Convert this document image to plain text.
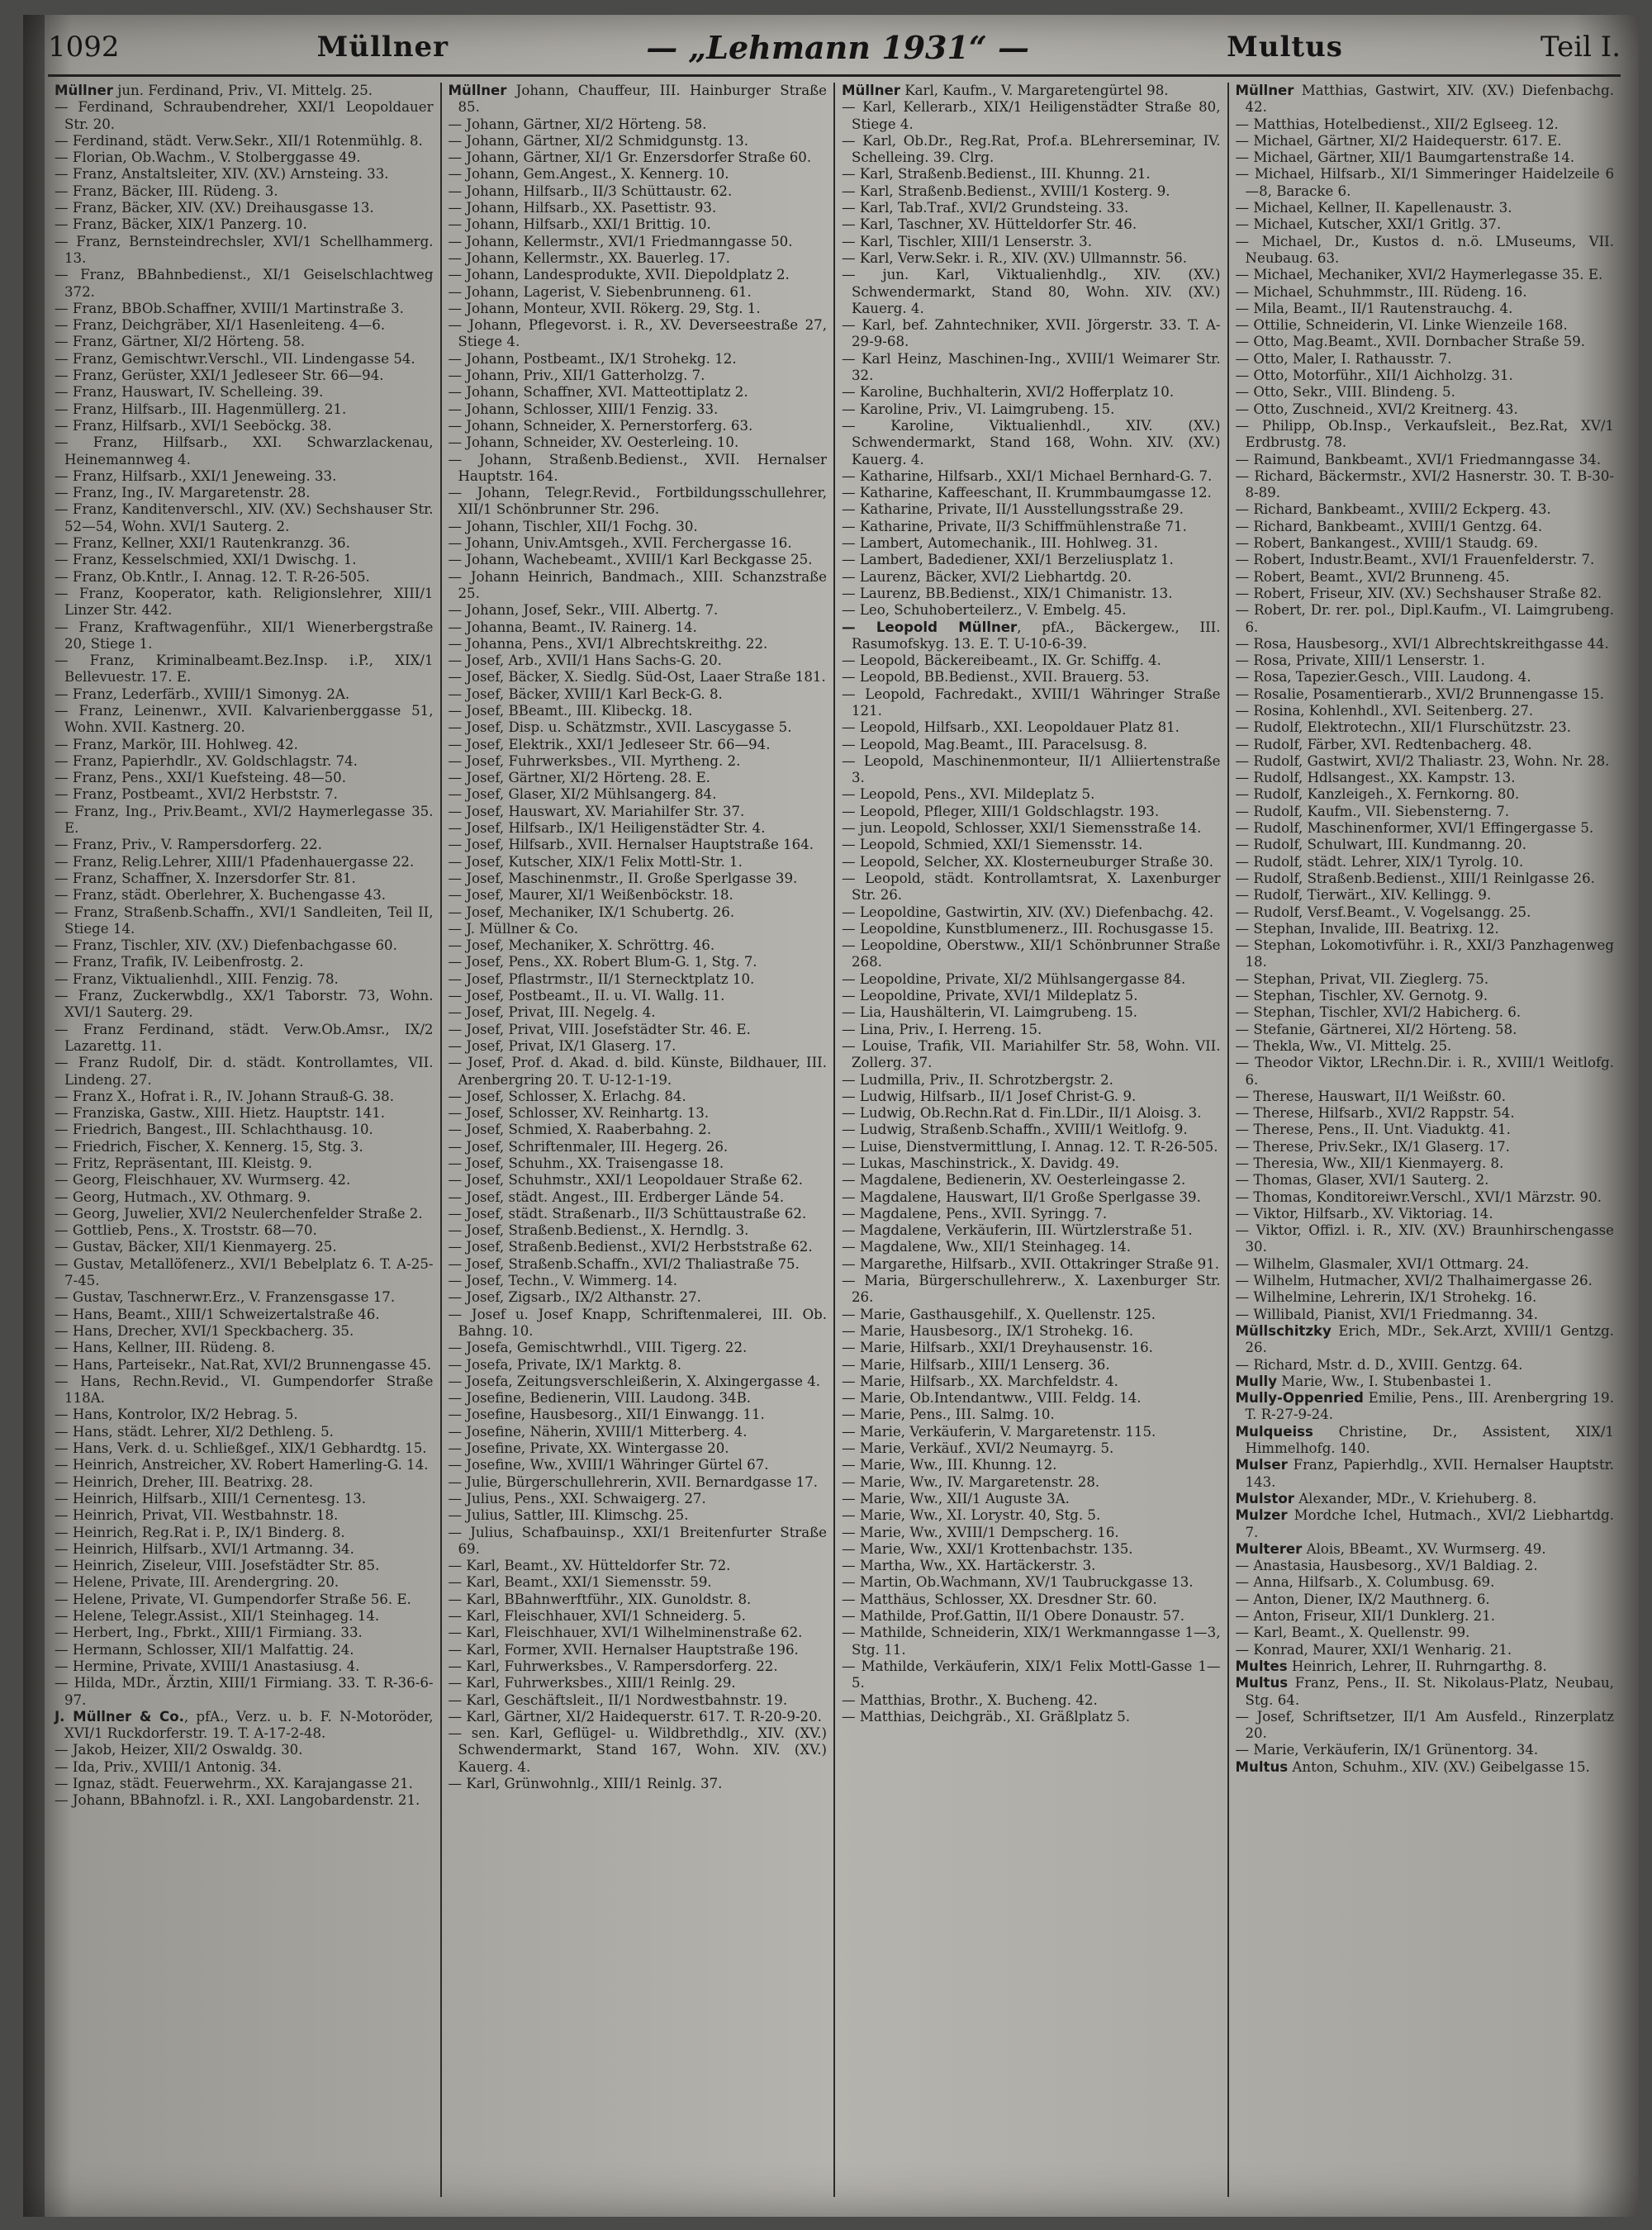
1092	Müllner	— „Lehmann 1931“ —	Multus	Teil I.

Müllner jun. Ferdinand, Priv., VI. Mittelg. 25.

— Ferdinand, Schraubendreher, XXI/1 Leopoldauer Str. 20.

— Ferdinand, städt. Verw.Sekr., XII/1 Rotenmühlg. 8.

— Florian, Ob.Wachm., V. Stolberggasse 49.

— Franz, Anstaltsleiter, XIV. (XV.) Arnsteing. 33.

— Franz, Bäcker, III. Rüdeng. 3.

— Franz, Bäcker, XIV. (XV.) Dreihausgasse 13.

— Franz, Bäcker, XIX/1 Panzerg. 10.

— Franz, Bernsteindrechsler, XVI/1 Schellhammerg. 13.

— Franz, BBahnbedienst., XI/1 Geiselschlachtweg 372.

— Franz, BBOb.Schaffner, XVIII/1 Martinstraße 3.

— Franz, Deichgräber, XI/1 Hasenleiteng. 4—6.

— Franz, Gärtner, XI/2 Hörteng. 58.

— Franz, Gemischtwr.Verschl., VII. Lindengasse 54.

— Franz, Gerüster, XXI/1 Jedleseer Str. 66—94.

— Franz, Hauswart, IV. Schelleing. 39.

— Franz, Hilfsarb., III. Hagenmüllerg. 21.

— Franz, Hilfsarb., XVI/1 Seeböckg. 38.

— Franz, Hilfsarb., XXI. Schwarzlackenau, Heinemannweg 4.

— Franz, Hilfsarb., XXI/1 Jeneweing. 33.

— Franz, Ing., IV. Margaretenstr. 28.

— Franz, Kanditenverschl., XIV. (XV.) Sechshauser Str. 52—54, Wohn. XVI/1 Sauterg. 2.

— Franz, Kellner, XXI/1 Rautenkranzg. 36.

— Franz, Kesselschmied, XXI/1 Dwischg. 1.

— Franz, Ob.Kntlr., I. Annag. 12. T. R-26-505.

— Franz, Kooperator, kath. Religionslehrer, XIII/1 Linzer Str. 442.

— Franz, Kraftwagenführ., XII/1 Wienerbergstraße 20, Stiege 1.

— Franz, Kriminalbeamt.Bez.Insp. i.P., XIX/1 Bellevuestr. 17. E.

— Franz, Lederfärb., XVIII/1 Simonyg. 2A.

— Franz, Leinenwr., XVII. Kalvarienberggasse 51, Wohn. XVII. Kastnerg. 20.

— Franz, Markör, III. Hohlweg. 42.

— Franz, Papierhdlr., XV. Goldschlagstr. 74.

— Franz, Pens., XXI/1 Kuefsteing. 48—50.

— Franz, Postbeamt., XVI/2 Herbststr. 7.

— Franz, Ing., Priv.Beamt., XVI/2 Haymerlegasse 35. E.

— Franz, Priv., V. Rampersdorferg. 22.

— Franz, Relig.Lehrer, XIII/1 Pfadenhauergasse 22.

— Franz, Schaffner, X. Inzersdorfer Str. 81.

— Franz, städt. Oberlehrer, X. Buchengasse 43.

— Franz, Straßenb.Schaffn., XVI/1 Sandleiten, Teil II, Stiege 14.

— Franz, Tischler, XIV. (XV.) Diefenbachgasse 60.

— Franz, Trafik, IV. Leibenfrostg. 2.

— Franz, Viktualienhdl., XIII. Fenzig. 78.

— Franz, Zuckerwbdlg., XX/1 Taborstr. 73, Wohn. XVI/1 Sauterg. 29.

— Franz Ferdinand, städt. Verw.Ob.Amsr., IX/2 Lazarettg. 11.

— Franz Rudolf, Dir. d. städt. Kontrollamtes, VII. Lindeng. 27.

— Franz X., Hofrat i. R., IV. Johann Strauß-G. 38.

— Franziska, Gastw., XIII. Hietz. Hauptstr. 141.

— Friedrich, Bangest., III. Schlachthausg. 10.

— Friedrich, Fischer, X. Kennerg. 15, Stg. 3.

— Fritz, Repräsentant, III. Kleistg. 9.

— Georg, Fleischhauer, XV. Wurmserg. 42.

— Georg, Hutmach., XV. Othmarg. 9.

— Georg, Juwelier, XVI/2 Neulerchenfelder Straße 2.

— Gottlieb, Pens., X. Troststr. 68—70.

— Gustav, Bäcker, XII/1 Kienmayerg. 25.

— Gustav, Metallöfenerz., XVI/1 Bebelplatz 6. T. A-25-7-45.

— Gustav, Taschnerwr.Erz., V. Franzensgasse 17.

— Hans, Beamt., XIII/1 Schweizertalstraße 46.

— Hans, Drecher, XVI/1 Speckbacherg. 35.

— Hans, Kellner, III. Rüdeng. 8.

— Hans, Parteisekr., Nat.Rat, XVI/2 Brunnengasse 45.

— Hans, Rechn.Revid., VI. Gumpendorfer Straße 118A.

— Hans, Kontrolor, IX/2 Hebrag. 5.

— Hans, städt. Lehrer, XI/2 Dethleng. 5.

— Hans, Verk. d. u. Schließgef., XIX/1 Gebhardtg. 15.

— Heinrich, Anstreicher, XV. Robert Hamerling-G. 14.

— Heinrich, Dreher, III. Beatrixg. 28.

— Heinrich, Hilfsarb., XIII/1 Cernentesg. 13.

— Heinrich, Privat, VII. Westbahnstr. 18.

— Heinrich, Reg.Rat i. P., IX/1 Binderg. 8.

— Heinrich, Hilfsarb., XVI/1 Artmanng. 34.

— Heinrich, Ziseleur, VIII. Josefstädter Str. 85.

— Helene, Private, III. Arendergring. 20.

— Helene, Private, VI. Gumpendorfer Straße 56. E.

— Helene, Telegr.Assist., XII/1 Steinhageg. 14.

— Herbert, Ing., Fbrkt., XIII/1 Firmiang. 33.

— Hermann, Schlosser, XII/1 Malfattig. 24.

— Hermine, Private, XVIII/1 Anastasiusg. 4.

— Hilda, MDr., Ärztin, XIII/1 Firmiang. 33. T. R-36-6-97.

J. Müllner & Co., pfA., Verz. u. b. F. N-Motoröder, XVI/1 Ruckdorferstr. 19. T. A-17-2-48.

— Jakob, Heizer, XII/2 Oswaldg. 30.

— Ida, Priv., XVIII/1 Antonig. 34.

— Ignaz, städt. Feuerwehrm., XX. Karajangasse 21.

— Johann, BBahnofzl. i. R., XXI. Langobardenstr. 21.

Müllner Johann, Chauffeur, III. Hainburger Straße 85.

— Johann, Gärtner, XI/2 Hörteng. 58.

— Johann, Gärtner, XI/2 Schmidgunstg. 13.

— Johann, Gärtner, XI/1 Gr. Enzersdorfer Straße 60.

— Johann, Gem.Angest., X. Kennerg. 10.

— Johann, Hilfsarb., II/3 Schüttaustr. 62.

— Johann, Hilfsarb., XX. Pasettistr. 93.

— Johann, Hilfsarb., XXI/1 Brittig. 10.

— Johann, Kellermstr., XVI/1 Friedmanngasse 50.

— Johann, Kellermstr., XX. Bauerleg. 17.

— Johann, Landesprodukte, XVII. Diepoldplatz 2.

— Johann, Lagerist, V. Siebenbrunneng. 61.

— Johann, Monteur, XVII. Rökerg. 29, Stg. 1.

— Johann, Pflegevorst. i. R., XV. Deverseestraße 27, Stiege 4.

— Johann, Postbeamt., IX/1 Strohekg. 12.

— Johann, Priv., XII/1 Gatterholzg. 7.

— Johann, Schaffner, XVI. Matteottiplatz 2.

— Johann, Schlosser, XIII/1 Fenzig. 33.

— Johann, Schneider, X. Pernerstorferg. 63.

— Johann, Schneider, XV. Oesterleing. 10.

— Johann, Straßenb.Bedienst., XVII. Hernalser Hauptstr. 164.

— Johann, Telegr.Revid., Fortbildungsschullehrer, XII/1 Schönbrunner Str. 296.

— Johann, Tischler, XII/1 Fochg. 30.

— Johann, Univ.Amtsgeh., XVII. Ferchergasse 16.

— Johann, Wachebeamt., XVIII/1 Karl Beckgasse 25.

— Johann Heinrich, Bandmach., XIII. Schanzstraße 25.

— Johann, Josef, Sekr., VIII. Albertg. 7.

— Johanna, Beamt., IV. Rainerg. 14.

— Johanna, Pens., XVI/1 Albrechtskreithg. 22.

— Josef, Arb., XVII/1 Hans Sachs-G. 20.

— Josef, Bäcker, X. Siedlg. Süd-Ost, Laaer Straße 181.

— Josef, Bäcker, XVIII/1 Karl Beck-G. 8.

— Josef, BBeamt., III. Klibeckg. 18.

— Josef, Disp. u. Schätzmstr., XVII. Lascygasse 5.

— Josef, Elektrik., XXI/1 Jedleseer Str. 66—94.

— Josef, Fuhrwerksbes., VII. Myrtheng. 2.

— Josef, Gärtner, XI/2 Hörteng. 28. E.

— Josef, Glaser, XI/2 Mühlsangerg. 84.

— Josef, Hauswart, XV. Mariahilfer Str. 37.

— Josef, Hilfsarb., IX/1 Heiligenstädter Str. 4.

— Josef, Hilfsarb., XVII. Hernalser Hauptstraße 164.

— Josef, Kutscher, XIX/1 Felix Mottl-Str. 1.

— Josef, Maschinenmstr., II. Große Sperlgasse 39.

— Josef, Maurer, XI/1 Weißenböckstr. 18.

— Josef, Mechaniker, IX/1 Schubertg. 26.

— J. Müllner & Co.

— Josef, Mechaniker, X. Schröttrg. 46.

— Josef, Pens., XX. Robert Blum-G. 1, Stg. 7.

— Josef, Pflastrmstr., II/1 Sternecktplatz 10.

— Josef, Postbeamt., II. u. VI. Wallg. 11.

— Josef, Privat, III. Negelg. 4.

— Josef, Privat, VIII. Josefstädter Str. 46. E.

— Josef, Privat, IX/1 Glaserg. 17.

— Josef, Prof. d. Akad. d. bild. Künste, Bildhauer, III. Arenbergring 20. T. U-12-1-19.

— Josef, Schlosser, X. Erlachg. 84.

— Josef, Schlosser, XV. Reinhartg. 13.

— Josef, Schmied, X. Raaberbahng. 2.

— Josef, Schriftenmaler, III. Hegerg. 26.

— Josef, Schuhm., XX. Traisengasse 18.

— Josef, Schuhmstr., XXI/1 Leopoldauer Straße 62.

— Josef, städt. Angest., III. Erdberger Lände 54.

— Josef, städt. Straßenarb., II/3 Schüttaustraße 62.

— Josef, Straßenb.Bedienst., X. Herndlg. 3.

— Josef, Straßenb.Bedienst., XVI/2 Herbststraße 62.

— Josef, Straßenb.Schaffn., XVI/2 Thaliastraße 75.

— Josef, Techn., V. Wimmerg. 14.

— Josef, Zigsarb., IX/2 Althanstr. 27.

— Josef u. Josef Knapp, Schriftenmalerei, III. Ob. Bahng. 10.

— Josefa, Gemischtwrhdl., VIII. Tigerg. 22.

— Josefa, Private, IX/1 Marktg. 8.

— Josefa, Zeitungsverschleißerin, X. Alxingergasse 4.

— Josefine, Bedienerin, VIII. Laudong. 34B.

— Josefine, Hausbesorg., XII/1 Einwangg. 11.

— Josefine, Näherin, XVIII/1 Mitterberg. 4.

— Josefine, Private, XX. Wintergasse 20.

— Josefine, Ww., XVIII/1 Währinger Gürtel 67.

— Julie, Bürgerschullehrerin, XVII. Bernardgasse 17.

— Julius, Pens., XXI. Schwaigerg. 27.

— Julius, Sattler, III. Klimschg. 25.

— Julius, Schafbauinsp., XXI/1 Breitenfurter Straße 69.

— Karl, Beamt., XV. Hütteldorfer Str. 72.

— Karl, Beamt., XXI/1 Siemensstr. 59.

— Karl, BBahnwerftführ., XIX. Gunoldstr. 8.

— Karl, Fleischhauer, XVI/1 Schneiderg. 5.

— Karl, Fleischhauer, XVI/1 Wilhelminenstraße 62.

— Karl, Former, XVII. Hernalser Hauptstraße 196.

— Karl, Fuhrwerksbes., V. Rampersdorferg. 22.

— Karl, Fuhrwerksbes., XIII/1 Reinlg. 29.

— Karl, Geschäftsleit., II/1 Nordwestbahnstr. 19.

— Karl, Gärtner, XI/2 Haidequerstr. 617. T. R-20-9-20.

— sen. Karl, Geflügel- u. Wildbrethdlg., XIV. (XV.) Schwendermarkt, Stand 167, Wohn. XIV. (XV.) Kauerg. 4.

— Karl, Grünwohnlg., XIII/1 Reinlg. 37.

Müllner Karl, Kaufm., V. Margaretengürtel 98.

— Karl, Kellerarb., XIX/1 Heiligenstädter Straße 80, Stiege 4.

— Karl, Ob.Dr., Reg.Rat, Prof.a. BLehrerseminar, IV. Schelleing. 39. Clrg.

— Karl, Straßenb.Bedienst., III. Khunng. 21.

— Karl, Straßenb.Bedienst., XVIII/1 Kosterg. 9.

— Karl, Tab.Traf., XVI/2 Grundsteing. 33.

— Karl, Taschner, XV. Hütteldorfer Str. 46.

— Karl, Tischler, XIII/1 Lenserstr. 3.

— Karl, Verw.Sekr. i. R., XIV. (XV.) Ullmannstr. 56.

— jun. Karl, Viktualienhdlg., XIV. (XV.) Schwendermarkt, Stand 80, Wohn. XIV. (XV.) Kauerg. 4.

— Karl, bef. Zahntechniker, XVII. Jörgerstr. 33. T. A-29-9-68.

— Karl Heinz, Maschinen-Ing., XVIII/1 Weimarer Str. 32.

— Karoline, Buchhalterin, XVI/2 Hofferplatz 10.

— Karoline, Priv., VI. Laimgrubeng. 15.

— Karoline, Viktualienhdl., XIV. (XV.) Schwendermarkt, Stand 168, Wohn. XIV. (XV.) Kauerg. 4.

— Katharine, Hilfsarb., XXI/1 Michael Bernhard-G. 7.

— Katharine, Kaffeeschant, II. Krummbaumgasse 12.

— Katharine, Private, II/1 Ausstellungsstraße 29.

— Katharine, Private, II/3 Schiffmühlenstraße 71.

— Lambert, Automechanik., III. Hohlweg. 31.

— Lambert, Badediener, XXI/1 Berzeliusplatz 1.

— Laurenz, Bäcker, XVI/2 Liebhartdg. 20.

— Laurenz, BB.Bedienst., XIX/1 Chimanistr. 13.

— Leo, Schuhoberteilerz., V. Embelg. 45.

— Leopold Müllner, pfA., Bäckergew., III. Rasumofskyg. 13. E. T. U-10-6-39.

— Leopold, Bäckereibeamt., IX. Gr. Schiffg. 4.

— Leopold, BB.Bedienst., XVII. Brauerg. 53.

— Leopold, Fachredakt., XVIII/1 Währinger Straße 121.

— Leopold, Hilfsarb., XXI. Leopoldauer Platz 81.

— Leopold, Mag.Beamt., III. Paracelsusg. 8.

— Leopold, Maschinenmonteur, II/1 Alliiertenstraße 3.

— Leopold, Pens., XVI. Mildeplatz 5.

— Leopold, Pfleger, XIII/1 Goldschlagstr. 193.

— jun. Leopold, Schlosser, XXI/1 Siemensstraße 14.

— Leopold, Schmied, XXI/1 Siemensstr. 14.

— Leopold, Selcher, XX. Klosterneuburger Straße 30.

— Leopold, städt. Kontrollamtsrat, X. Laxenburger Str. 26.

— Leopoldine, Gastwirtin, XIV. (XV.) Diefenbachg. 42.

— Leopoldine, Kunstblumenerz., III. Rochusgasse 15.

— Leopoldine, Oberstww., XII/1 Schönbrunner Straße 268.

— Leopoldine, Private, XI/2 Mühlsangergasse 84.

— Leopoldine, Private, XVI/1 Mildeplatz 5.

— Lia, Haushälterin, VI. Laimgrubeng. 15.

— Lina, Priv., I. Herreng. 15.

— Louise, Trafik, VII. Mariahilfer Str. 58, Wohn. VII. Zollerg. 37.

— Ludmilla, Priv., II. Schrotzbergstr. 2.

— Ludwig, Hilfsarb., II/1 Josef Christ-G. 9.

— Ludwig, Ob.Rechn.Rat d. Fin.LDir., II/1 Aloisg. 3.

— Ludwig, Straßenb.Schaffn., XVIII/1 Weitlofg. 9.

— Luise, Dienstvermittlung, I. Annag. 12. T. R-26-505.

— Lukas, Maschinstrick., X. Davidg. 49.

— Magdalene, Bedienerin, XV. Oesterleingasse 2.

— Magdalene, Hauswart, II/1 Große Sperlgasse 39.

— Magdalene, Pens., XVII. Syringg. 7.

— Magdalene, Verkäuferin, III. Würtzlerstraße 51.

— Magdalene, Ww., XII/1 Steinhageg. 14.

— Margarethe, Hilfsarb., XVII. Ottakringer Straße 91.

— Maria, Bürgerschullehrerw., X. Laxenburger Str. 26.

— Marie, Gasthausgehilf., X. Quellenstr. 125.

— Marie, Hausbesorg., IX/1 Strohekg. 16.

— Marie, Hilfsarb., XXI/1 Dreyhausenstr. 16.

— Marie, Hilfsarb., XIII/1 Lenserg. 36.

— Marie, Hilfsarb., XX. Marchfeldstr. 4.

— Marie, Ob.Intendantww., VIII. Feldg. 14.

— Marie, Pens., III. Salmg. 10.

— Marie, Verkäuferin, V. Margaretenstr. 115.

— Marie, Verkäuf., XVI/2 Neumayrg. 5.

— Marie, Ww., III. Khunng. 12.

— Marie, Ww., IV. Margaretenstr. 28.

— Marie, Ww., XII/1 Auguste 3A.

— Marie, Ww., XI. Lorystr. 40, Stg. 5.

— Marie, Ww., XVIII/1 Dempscherg. 16.

— Marie, Ww., XXI/1 Krottenbachstr. 135.

— Martha, Ww., XX. Hartäckerstr. 3.

— Martin, Ob.Wachmann, XV/1 Taubruckgasse 13.

— Matthäus, Schlosser, XX. Dresdner Str. 60.

— Mathilde, Prof.Gattin, II/1 Obere Donaustr. 57.

— Mathilde, Schneiderin, XIX/1 Werkmanngasse 1—3, Stg. 11.

— Mathilde, Verkäuferin, XIX/1 Felix Mottl-Gasse 1—5.

— Matthias, Brothr., X. Bucheng. 42.

— Matthias, Deichgräb., XI. Gräßlplatz 5.

Müllner Matthias, Gastwirt, XIV. (XV.) Diefenbachg. 42.

— Matthias, Hotelbedienst., XII/2 Eglseeg. 12.

— Michael, Gärtner, XI/2 Haidequerstr. 617. E.

— Michael, Gärtner, XII/1 Baumgartenstraße 14.

— Michael, Hilfsarb., XI/1 Simmeringer Haidelzeile 6—8, Baracke 6.

— Michael, Kellner, II. Kapellenaustr. 3.

— Michael, Kutscher, XXI/1 Gritlg. 37.

— Michael, Dr., Kustos d. n.ö. LMuseums, VII. Neubaug. 63.

— Michael, Mechaniker, XVI/2 Haymerlegasse 35. E.

— Michael, Schuhmmstr., III. Rüdeng. 16.

— Mila, Beamt., II/1 Rautenstrauchg. 4.

— Ottilie, Schneiderin, VI. Linke Wienzeile 168.

— Otto, Mag.Beamt., XVII. Dornbacher Straße 59.

— Otto, Maler, I. Rathausstr. 7.

— Otto, Motorführ., XII/1 Aichholzg. 31.

— Otto, Sekr., VIII. Blindeng. 5.

— Otto, Zuschneid., XVI/2 Kreitnerg. 43.

— Philipp, Ob.Insp., Verkaufsleit., Bez.Rat, XV/1 Erdbrustg. 78.

— Raimund, Bankbeamt., XVI/1 Friedmanngasse 34.

— Richard, Bäckermstr., XVI/2 Hasnerstr. 30. T. B-30-8-89.

— Richard, Bankbeamt., XVIII/2 Eckperg. 43.

— Richard, Bankbeamt., XVIII/1 Gentzg. 64.

— Robert, Bankangest., XVIII/1 Staudg. 69.

— Robert, Industr.Beamt., XVI/1 Frauenfelderstr. 7.

— Robert, Beamt., XVI/2 Brunneng. 45.

— Robert, Friseur, XIV. (XV.) Sechshauser Straße 82.

— Robert, Dr. rer. pol., Dipl.Kaufm., VI. Laimgrubeng. 6.

— Rosa, Hausbesorg., XVI/1 Albrechtskreithgasse 44.

— Rosa, Private, XIII/1 Lenserstr. 1.

— Rosa, Tapezier.Gesch., VIII. Laudong. 4.

— Rosalie, Posamentierarb., XVI/2 Brunnengasse 15.

— Rosina, Kohlenhdl., XVI. Seitenberg. 27.

— Rudolf, Elektrotechn., XII/1 Flurschützstr. 23.

— Rudolf, Färber, XVI. Redtenbacherg. 48.

— Rudolf, Gastwirt, XVI/2 Thaliastr. 23, Wohn. Nr. 28.

— Rudolf, Hdlsangest., XX. Kampstr. 13.

— Rudolf, Kanzleigeh., X. Fernkorng. 80.

— Rudolf, Kaufm., VII. Siebensterng. 7.

— Rudolf, Maschinenformer, XVI/1 Effingergasse 5.

— Rudolf, Schulwart, III. Kundmanng. 20.

— Rudolf, städt. Lehrer, XIX/1 Tyrolg. 10.

— Rudolf, Straßenb.Bedienst., XIII/1 Reinlgasse 26.

— Rudolf, Tierwärt., XIV. Kellingg. 9.

— Rudolf, Versf.Beamt., V. Vogelsangg. 25.

— Stephan, Invalide, III. Beatrixg. 12.

— Stephan, Lokomotivführ. i. R., XXI/3 Panzhagenweg 18.

— Stephan, Privat, VII. Zieglerg. 75.

— Stephan, Tischler, XV. Gernotg. 9.

— Stephan, Tischler, XVI/2 Habicherg. 6.

— Stefanie, Gärtnerei, XI/2 Hörteng. 58.

— Thekla, Ww., VI. Mittelg. 25.

— Theodor Viktor, LRechn.Dir. i. R., XVIII/1 Weitlofg. 6.

— Therese, Hauswart, II/1 Weißstr. 60.

— Therese, Hilfsarb., XVI/2 Rappstr. 54.

— Therese, Pens., II. Unt. Viaduktg. 41.

— Therese, Priv.Sekr., IX/1 Glaserg. 17.

— Theresia, Ww., XII/1 Kienmayerg. 8.

— Thomas, Glaser, XVI/1 Sauterg. 2.

— Thomas, Konditoreiwr.Verschl., XVI/1 Märzstr. 90.

— Viktor, Hilfsarb., XV. Viktoriag. 14.

— Viktor, Offizl. i. R., XIV. (XV.) Braunhirschengasse 30.

— Wilhelm, Glasmaler, XVI/1 Ottmarg. 24.

— Wilhelm, Hutmacher, XVI/2 Thalhaimergasse 26.

— Wilhelmine, Lehrerin, IX/1 Strohekg. 16.

— Willibald, Pianist, XVI/1 Friedmanng. 34.

Müllschitzky Erich, MDr., Sek.Arzt, XVIII/1 Gentzg. 26.

— Richard, Mstr. d. D., XVIII. Gentzg. 64.

Mully Marie, Ww., I. Stubenbastei 1.

Mully-Oppenried Emilie, Pens., III. Arenbergring 19. T. R-27-9-24.

Mulqueiss Christine, Dr., Assistent, XIX/1 Himmelhofg. 140.

Mulser Franz, Papierhdlg., XVII. Hernalser Hauptstr. 143.

Mulstor Alexander, MDr., V. Kriehuberg. 8.

Mulzer Mordche Ichel, Hutmach., XVI/2 Liebhartdg. 7.

Multerer Alois, BBeamt., XV. Wurmserg. 49.

— Anastasia, Hausbesorg., XV/1 Baldiag. 2.

— Anna, Hilfsarb., X. Columbusg. 69.

— Anton, Diener, IX/2 Mauthnerg. 6.

— Anton, Friseur, XII/1 Dunklerg. 21.

— Karl, Beamt., X. Quellenstr. 99.

— Konrad, Maurer, XXI/1 Wenharig. 21.

Multes Heinrich, Lehrer, II. Ruhrngarthg. 8.

Multus Franz, Pens., II. St. Nikolaus-Platz, Neubau, Stg. 64.

— Josef, Schriftsetzer, II/1 Am Ausfeld., Rinzerplatz 20.

— Marie, Verkäuferin, IX/1 Grünentorg. 34.

Multus Anton, Schuhm., XIV. (XV.) Geibelgasse 15.
